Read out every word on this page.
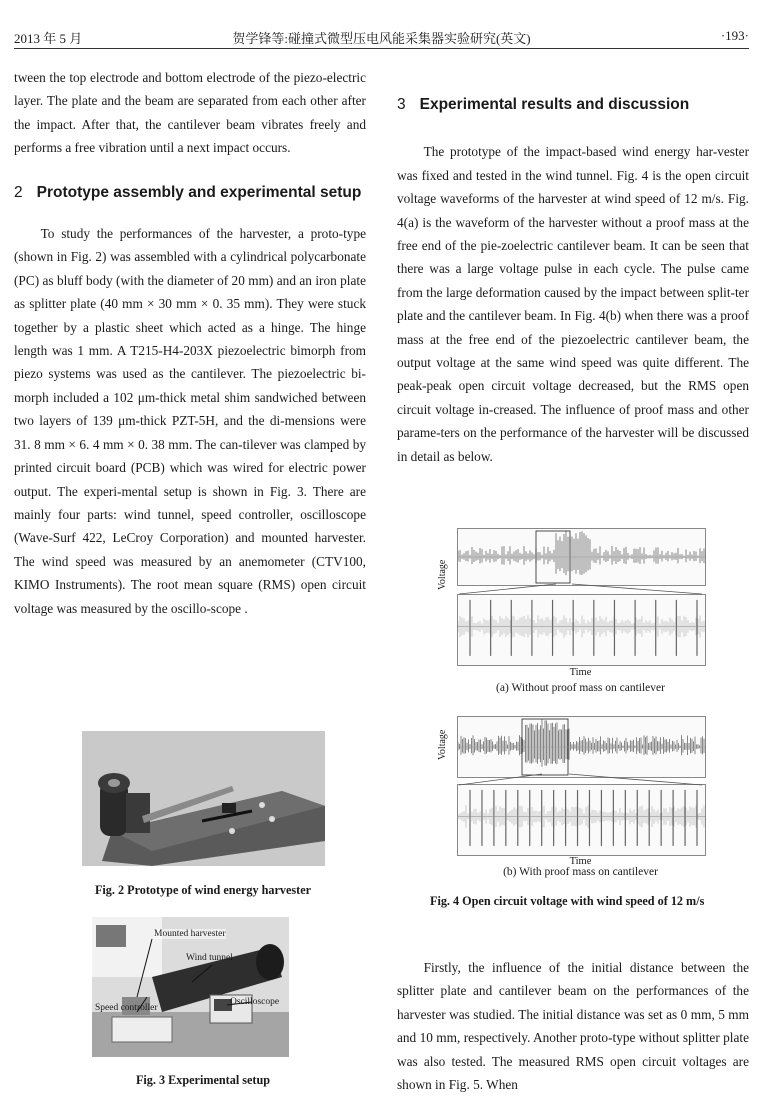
2013 年 5 月	贺学锋等:碰撞式微型压电风能采集器实验研究(英文)	·193·

tween the top electrode and bottom electrode of the piezo-electric layer. The plate and the beam are separated from each other after the impact. After that, the cantilever beam vibrates freely and performs a free vibration until a next impact occurs.

2 Prototype assembly and experimental setup

To study the performances of the harvester, a proto-type (shown in Fig. 2) was assembled with a cylindrical polycarbonate (PC) as bluff body (with the diameter of 20 mm) and an iron plate as splitter plate (40 mm × 30 mm × 0. 35 mm). They were stuck together by a plastic sheet which acted as a hinge. The hinge length was 1 mm. A T215-H4-203X piezoelectric bimorph from piezo systems was used as the cantilever. The piezoelectric bi-morph included a 102 μm-thick metal shim sandwiched between two layers of 139 μm-thick PZT-5H, and the di-mensions were 31. 8 mm × 6. 4 mm × 0. 38 mm. The can-tilever was clamped by printed circuit board (PCB) which was wired for electric power output. The experi-mental setup is shown in Fig. 3. There are mainly four parts: wind tunnel, speed controller, oscilloscope (Wave-Surf 422, LeCroy Corporation) and mounted harvester. The wind speed was measured by an anemometer (CTV100, KIMO Instruments). The root mean square (RMS) open circuit voltage was measured by the oscillo-scope .

Fig. 2 Prototype of wind energy harvester
Mounted harvester
Wind tunnel
Speed controller
Oscilloscope
Fig. 3 Experimental setup
3 Experimental results and discussion

The prototype of the impact-based wind energy har-vester was fixed and tested in the wind tunnel. Fig. 4 is the open circuit voltage waveforms of the harvester at wind speed of 12 m/s. Fig. 4(a) is the waveform of the harvester without a proof mass at the free end of the pie-zoelectric cantilever beam. It can be seen that there was a large voltage pulse in each cycle. The pulse came from the large deformation caused by the impact between split-ter plate and the cantilever beam. In Fig. 4(b) when there was a proof mass at the free end of the piezoelectric cantilever beam, the output voltage at the same wind speed was quite different. The peak-peak open circuit voltage decreased, but the RMS open circuit voltage in-creased. The influence of proof mass and other parame-ters on the performance of the harvester will be discussed in detail as below.

Voltage
Time
(a) Without proof mass on cantilever
Voltage
Time
(b) With proof mass on cantilever
Fig. 4 Open circuit voltage with wind speed of 12 m/s

Firstly, the influence of the initial distance between the splitter plate and cantilever beam on the performances of the harvester was studied. The initial distance was set as 0 mm, 5 mm and 10 mm, respectively. Another proto-type without splitter plate was also tested. The measured RMS open circuit voltages are shown in Fig. 5. When
